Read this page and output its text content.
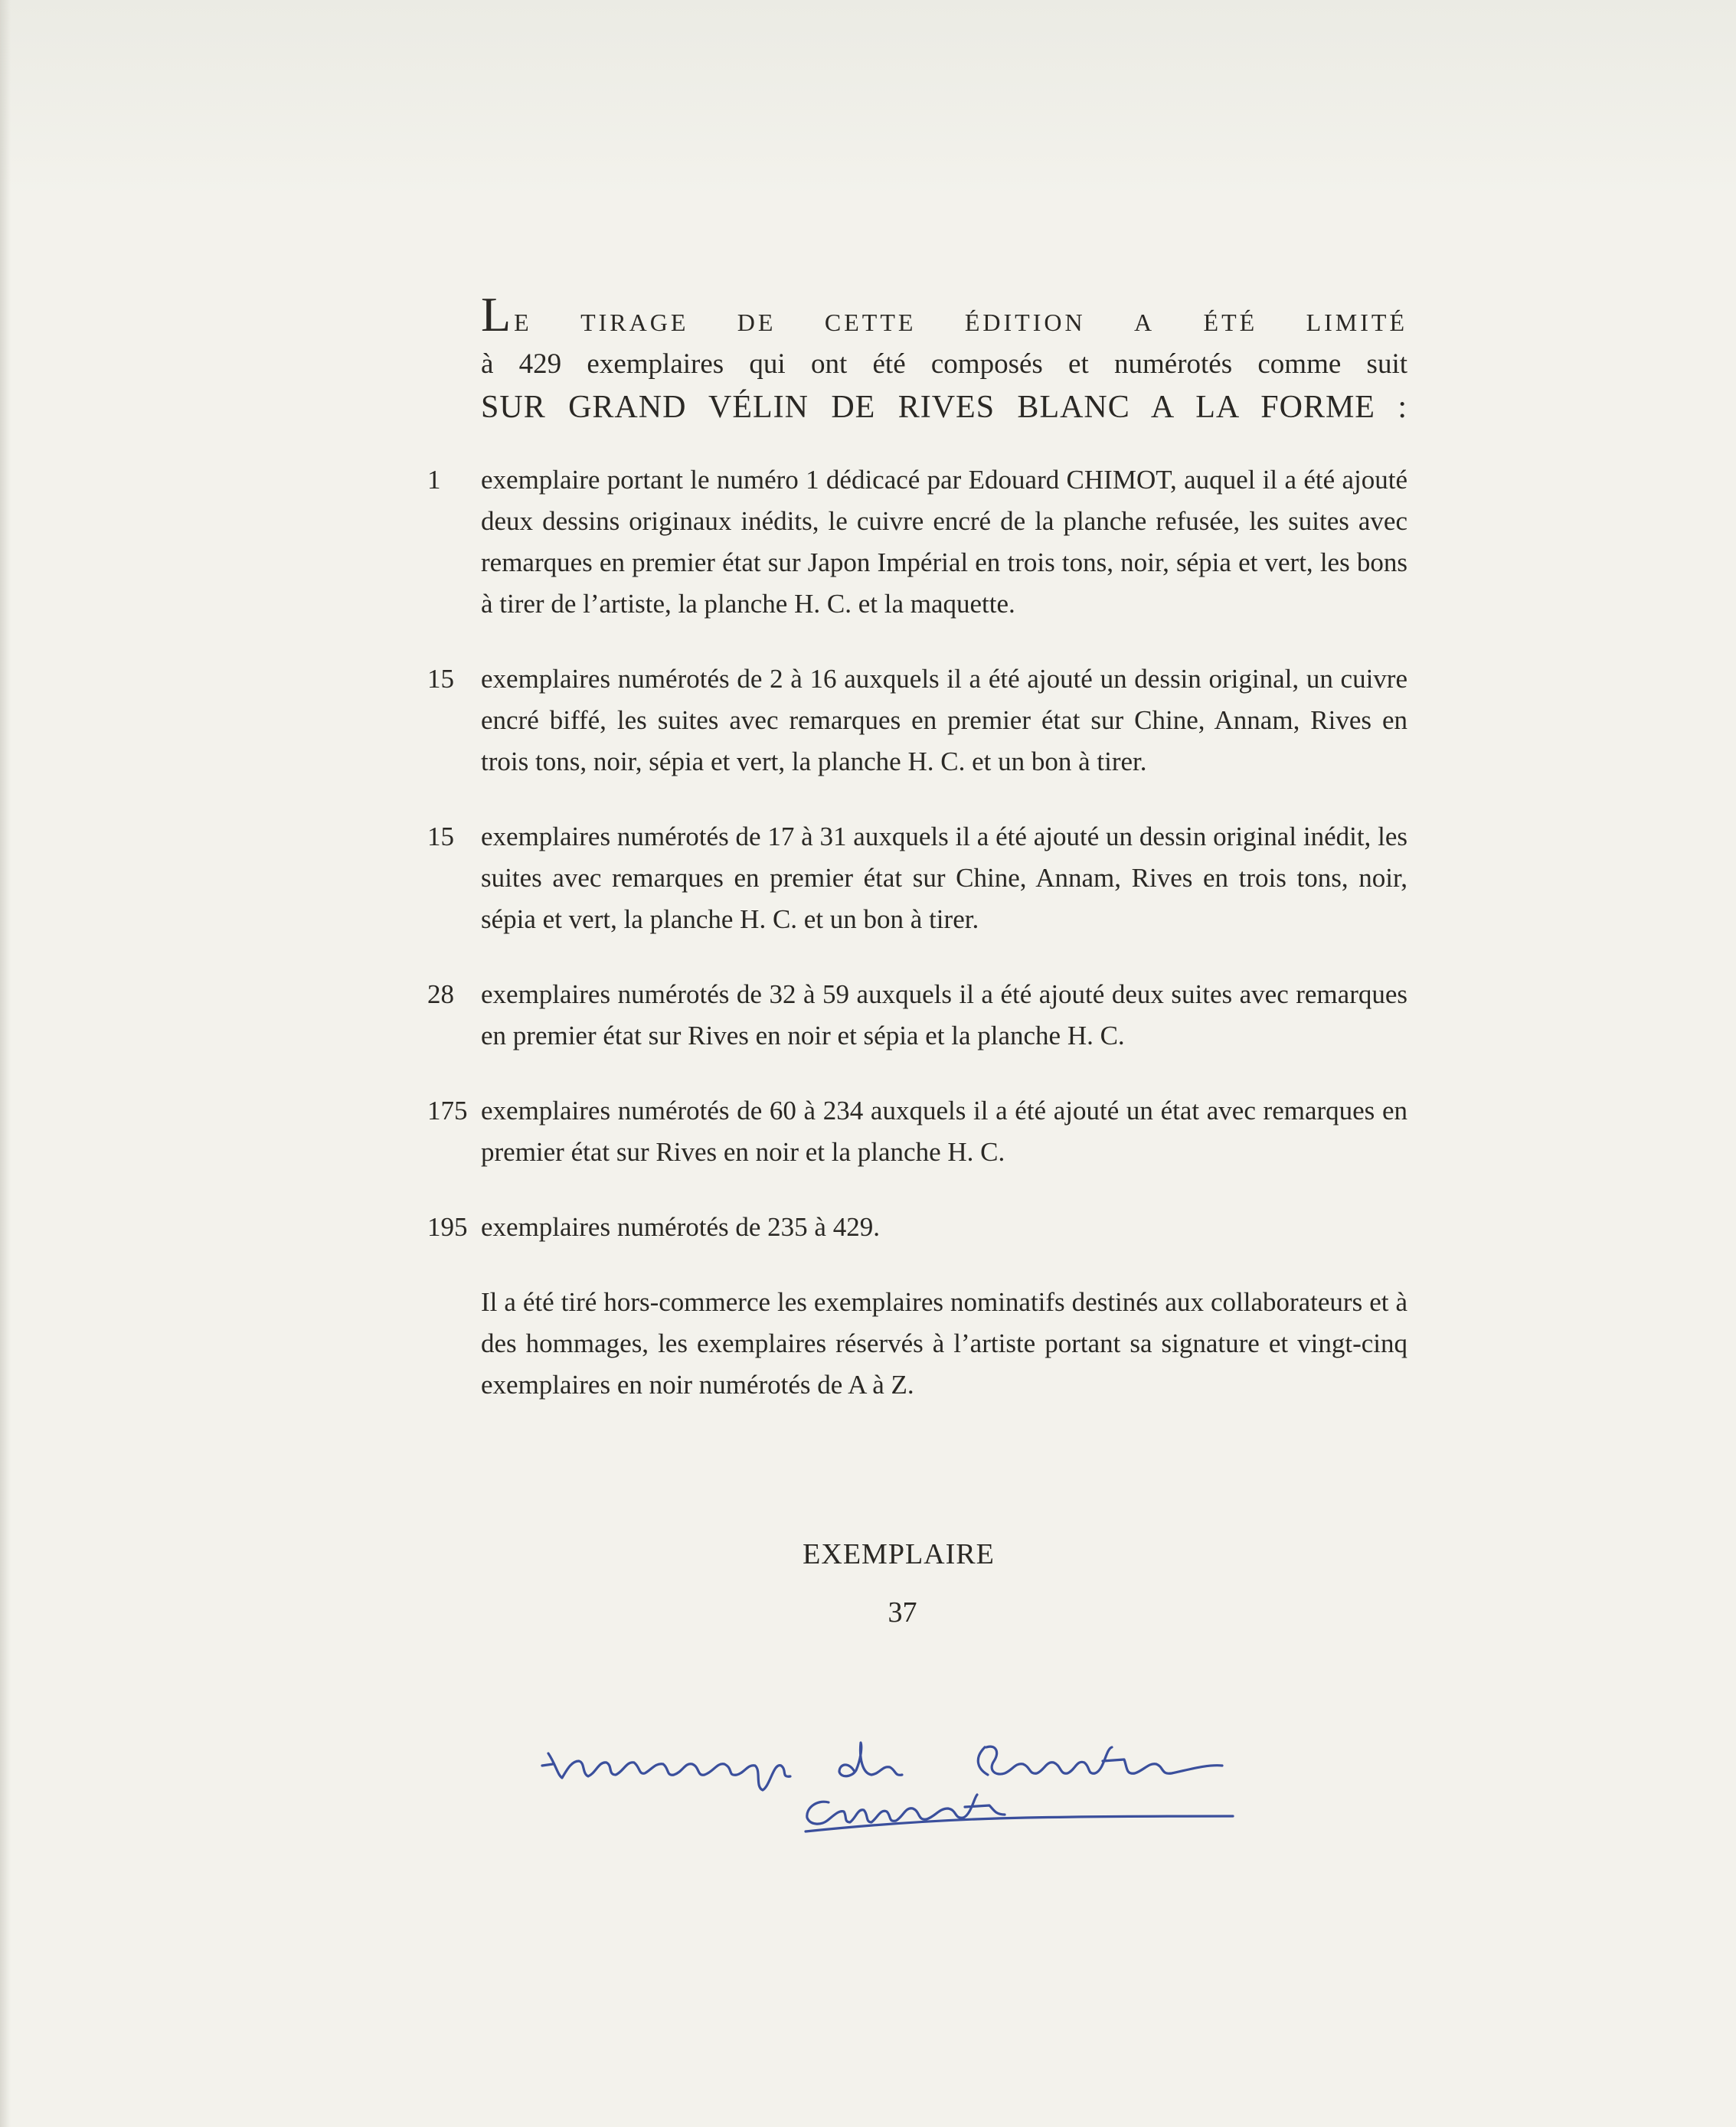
Le tirage de cette édition a été limité
à 429 exemplaires qui ont été composés et numérotés comme suit
SUR GRAND VÉLIN DE RIVES BLANC A LA FORME :
1	exemplaire portant le numéro 1 dédicacé par Edouard CHIMOT, auquel il a été ajouté deux dessins originaux inédits, le cuivre encré de la planche refusée, les suites avec remarques en premier état sur Japon Impérial en trois tons, noir, sépia et vert, les bons à tirer de l’artiste, la planche H. C. et la maquette.
15	exemplaires numérotés de 2 à 16 auxquels il a été ajouté un dessin original, un cuivre encré biffé, les suites avec remarques en premier état sur Chine, Annam, Rives en trois tons, noir, sépia et vert, la planche H. C. et un bon à tirer.
15	exemplaires numérotés de 17 à 31 auxquels il a été ajouté un dessin original inédit, les suites avec remarques en premier état sur Chine, Annam, Rives en trois tons, noir, sépia et vert, la planche H. C. et un bon à tirer.
28	exemplaires numérotés de 32 à 59 auxquels il a été ajouté deux suites avec remarques en premier état sur Rives en noir et sépia et la planche H. C.
175 exemplaires numérotés de 60 à 234 auxquels il a été ajouté un état avec remarques en premier état sur Rives en noir et la planche H. C.
195 exemplaires numérotés de 235 à 429.
Il a été tiré hors-commerce les exemplaires nominatifs destinés aux collaborateurs et à des hommages, les exemplaires réservés à l’artiste portant sa signature et vingt-cinq exemplaires en noir numérotés de A à Z.
EXEMPLAIRE
37
